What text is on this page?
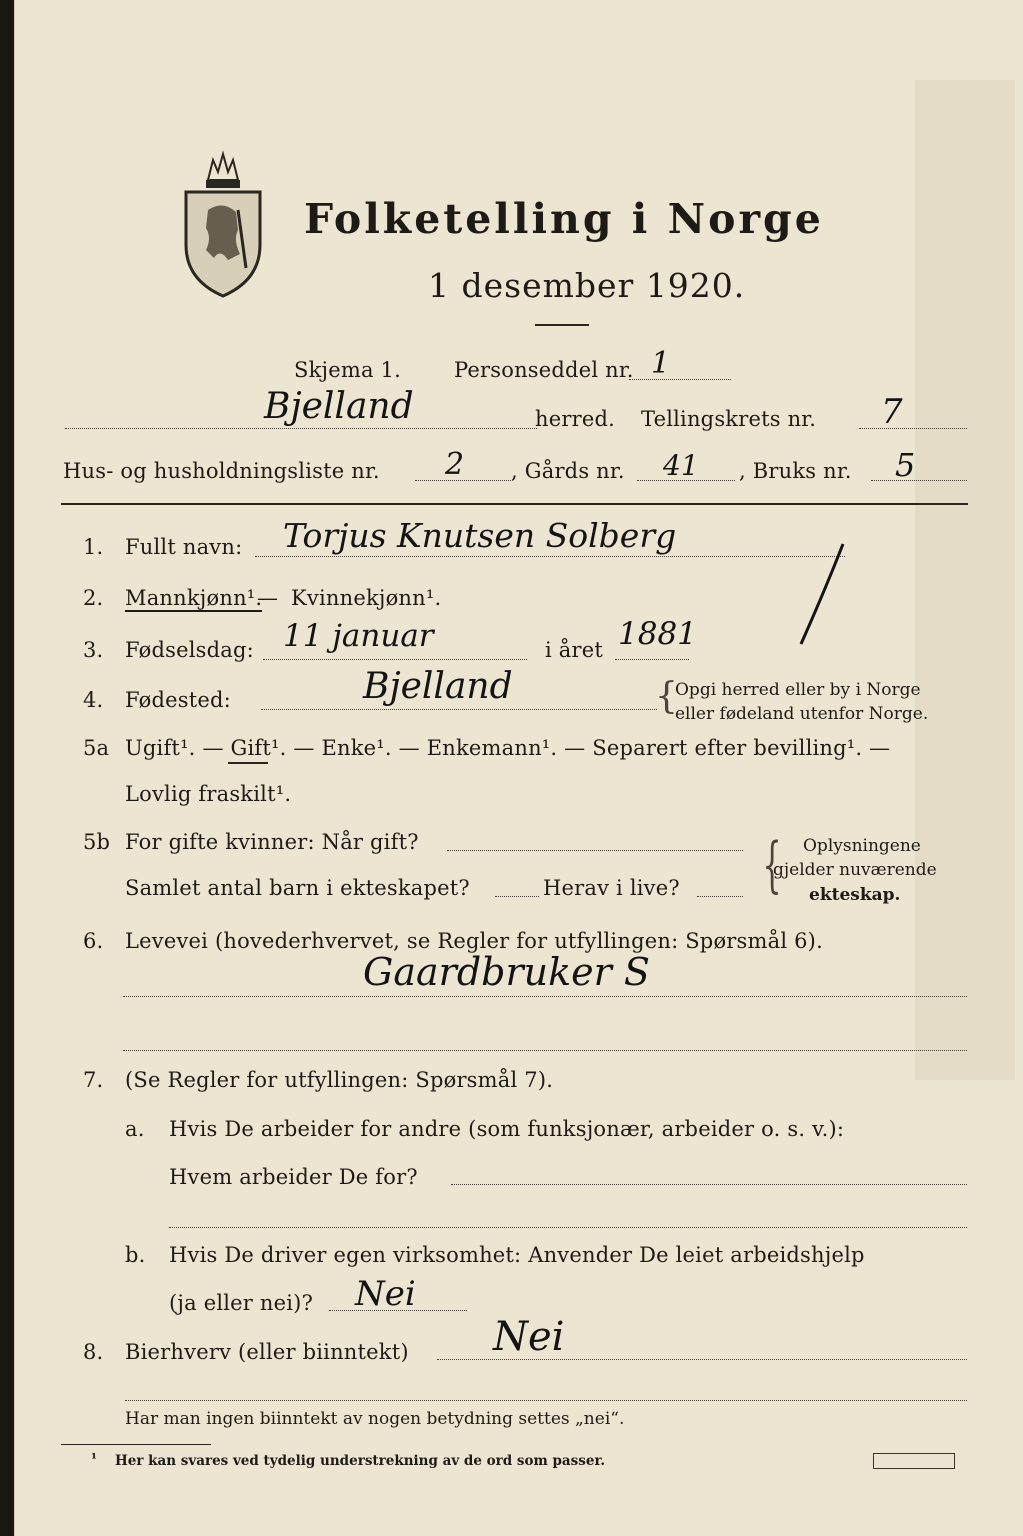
Folketelling i Norge
1 desember 1920.
Skjema 1.	Personseddel nr. 1
Bjelland	herred. Tellingskrets nr. 7
Hus- og husholdningsliste nr. 2 , Gårds nr. 41 , Bruks nr. 5
1. Fullt navn: Torjus Knutsen Solberg
2. Mannkjønn¹.
— Kvinnekjønn¹.
3. Fødselsdag: 11 januar	i året 1881
4. Fødested:	Bjelland	{
Opgi herred eller by i Norge
eller fødeland utenfor Norge.
5a Ugift¹. — Gift¹. — Enke¹. — Enkemann¹. — Separert efter bevilling¹. —
Lovlig fraskilt¹.
5b For gifte kvinner: Når gift?
Samlet antal barn i ekteskapet?	Herav i live? { Oplysningene
gjelder nuværende
ekteskap.
6. Levevei (hovederhvervet, se Regler for utfyllingen: Spørsmål 6).
Gaardbruker S
7. (Se Regler for utfyllingen: Spørsmål 7).
a. Hvis De arbeider for andre (som funksjonær, arbeider o. s. v.):
Hvem arbeider De for?
b. Hvis De driver egen virksomhet: Anvender De leiet arbeidshjelp
(ja eller nei)? Nei
8. Bierhverv (eller biinntekt) Nei
Har man ingen biinntekt av nogen betydning settes „nei“.
¹ Her kan svares ved tydelig understrekning av de ord som passer.
